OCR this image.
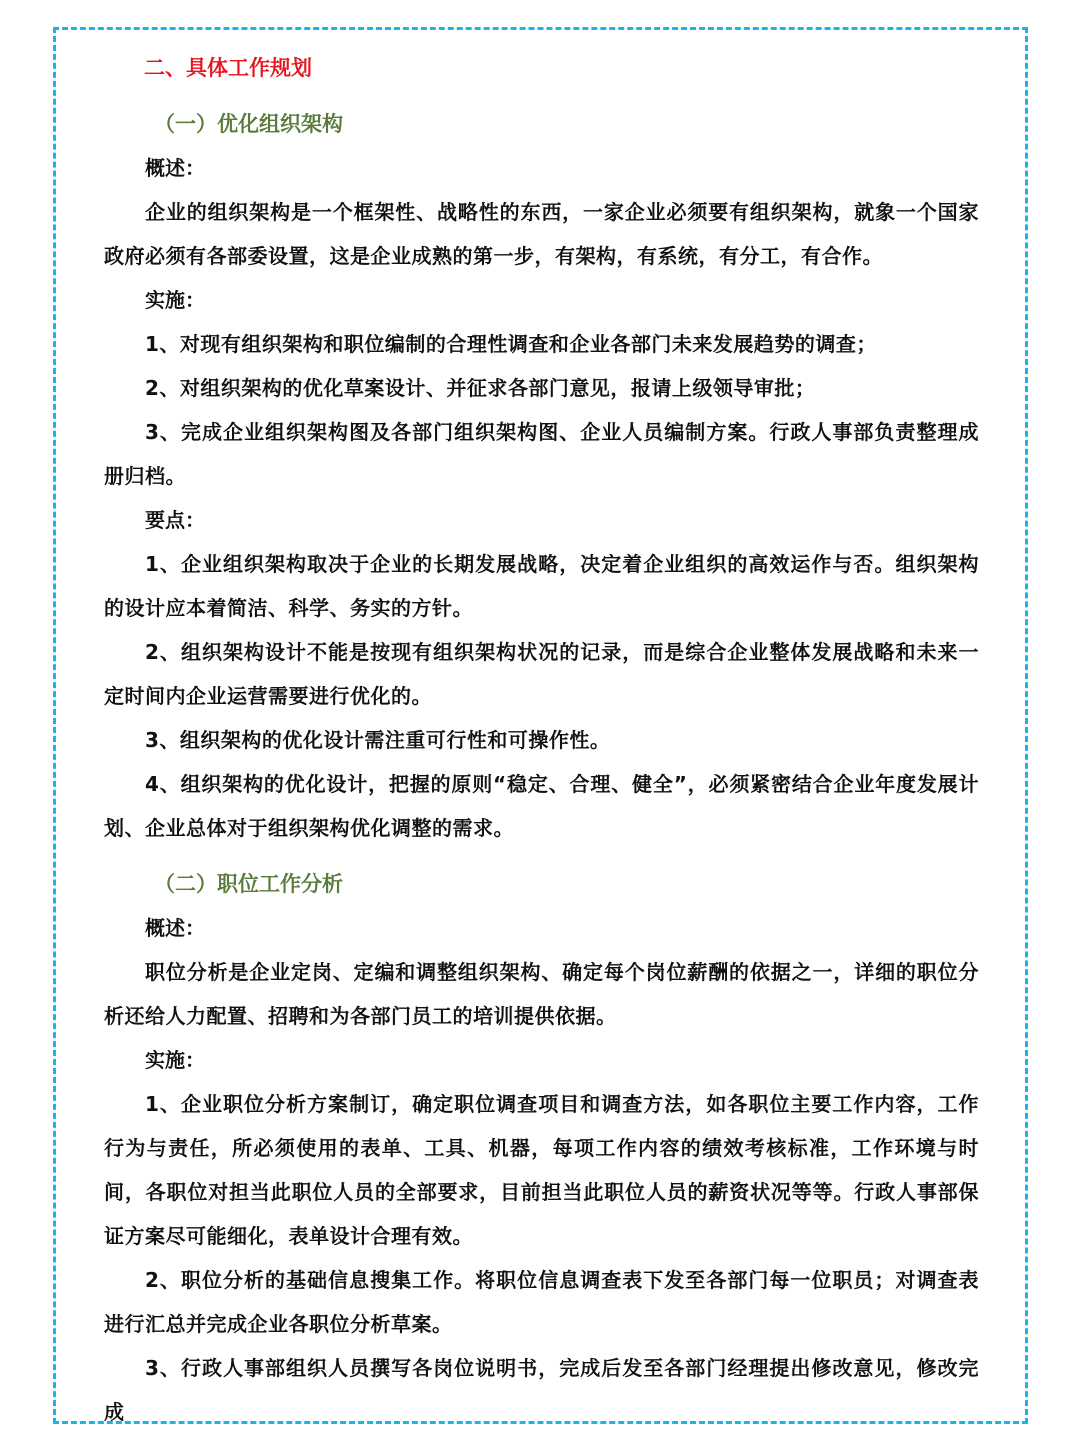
二、具体工作规划
（一）优化组织架构

概述：

企业的组织架构是一个框架性、战略性的东西，一家企业必须要有组织架构，就象一个国家政府必须有各部委设置，这是企业成熟的第一步，有架构，有系统，有分工，有合作。

实施：

1、对现有组织架构和职位编制的合理性调查和企业各部门未来发展趋势的调查；

2、对组织架构的优化草案设计、并征求各部门意见，报请上级领导审批；

3、完成企业组织架构图及各部门组织架构图、企业人员编制方案。行政人事部负责整理成册归档。

要点：

1、企业组织架构取决于企业的长期发展战略，决定着企业组织的高效运作与否。组织架构的设计应本着简洁、科学、务实的方针。

2、组织架构设计不能是按现有组织架构状况的记录，而是综合企业整体发展战略和未来一定时间内企业运营需要进行优化的。

3、组织架构的优化设计需注重可行性和可操作性。

4、组织架构的优化设计，把握的原则“稳定、合理、健全”，必须紧密结合企业年度发展计划、企业总体对于组织架构优化调整的需求。

（二）职位工作分析

概述：

职位分析是企业定岗、定编和调整组织架构、确定每个岗位薪酬的依据之一，详细的职位分析还给人力配置、招聘和为各部门员工的培训提供依据。

实施：

1、企业职位分析方案制订，确定职位调查项目和调查方法，如各职位主要工作内容，工作行为与责任，所必须使用的表单、工具、机器，每项工作内容的绩效考核标准，工作环境与时间，各职位对担当此职位人员的全部要求，目前担当此职位人员的薪资状况等等。行政人事部保证方案尽可能细化，表单设计合理有效。

2、职位分析的基础信息搜集工作。将职位信息调查表下发至各部门每一位职员；对调查表进行汇总并完成企业各职位分析草案。

3、行政人事部组织人员撰写各岗位说明书，完成后发至各部门经理提出修改意见，修改完成
